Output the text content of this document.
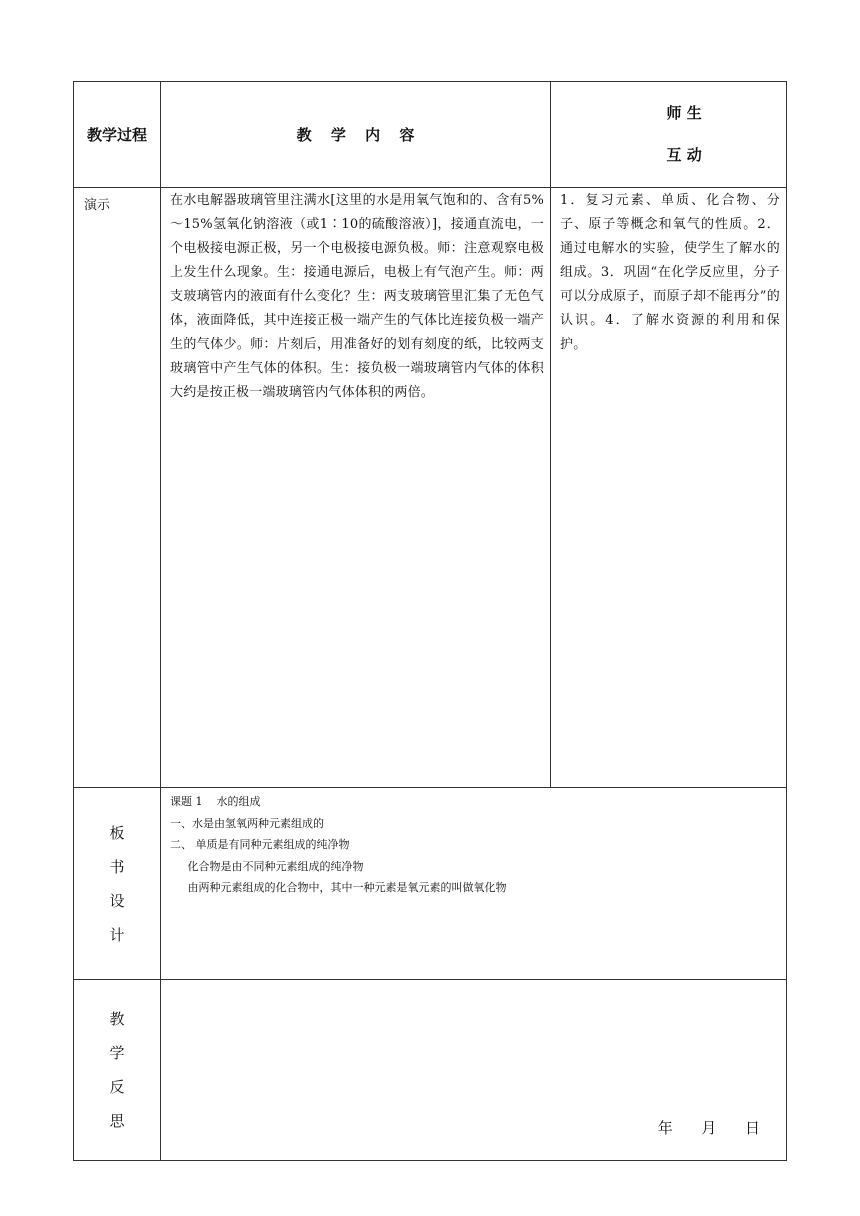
教学过程	教 学 内 容	师 生

互 动

演示	在水电解器玻璃管里注满水[这里的水是用氧气饱和的、含有5%～15%氢氧化钠溶液（或1∶10的硫酸溶液）]，接通直流电，一个电极接电源正极，另一个电极接电源负极。师：注意观察电极上发生什么现象。生：接通电源后，电极上有气泡产生。师：两支玻璃管内的液面有什么变化？生：两支玻璃管里汇集了无色气体，液面降低，其中连接正极一端产生的气体比连接负极一端产生的气体少。师：片刻后，用准备好的划有刻度的纸，比较两支玻璃管中产生气体的体积。生：接负极一端玻璃管内气体的体积大约是按正极一端玻璃管内气体体积的两倍。	1．复习元素、单质、化合物、分子、原子等概念和氧气的性质。2．通过电解水的实验，使学生了解水的组成。3．巩固“在化学反应里，分子可以分成原子，而原子却不能再分”的认识。4．了解水资源的利用和保护。

板
书
设
计	课题 1    水的组成
一、水是由氢氧两种元素组成的
二、 单质是有同种元素组成的纯净物
化合物是由不同种元素组成的纯净物
由两种元素组成的化合物中，其中一种元素是氧元素的叫做氧化物	

教
学
反
思	年      月      日	
